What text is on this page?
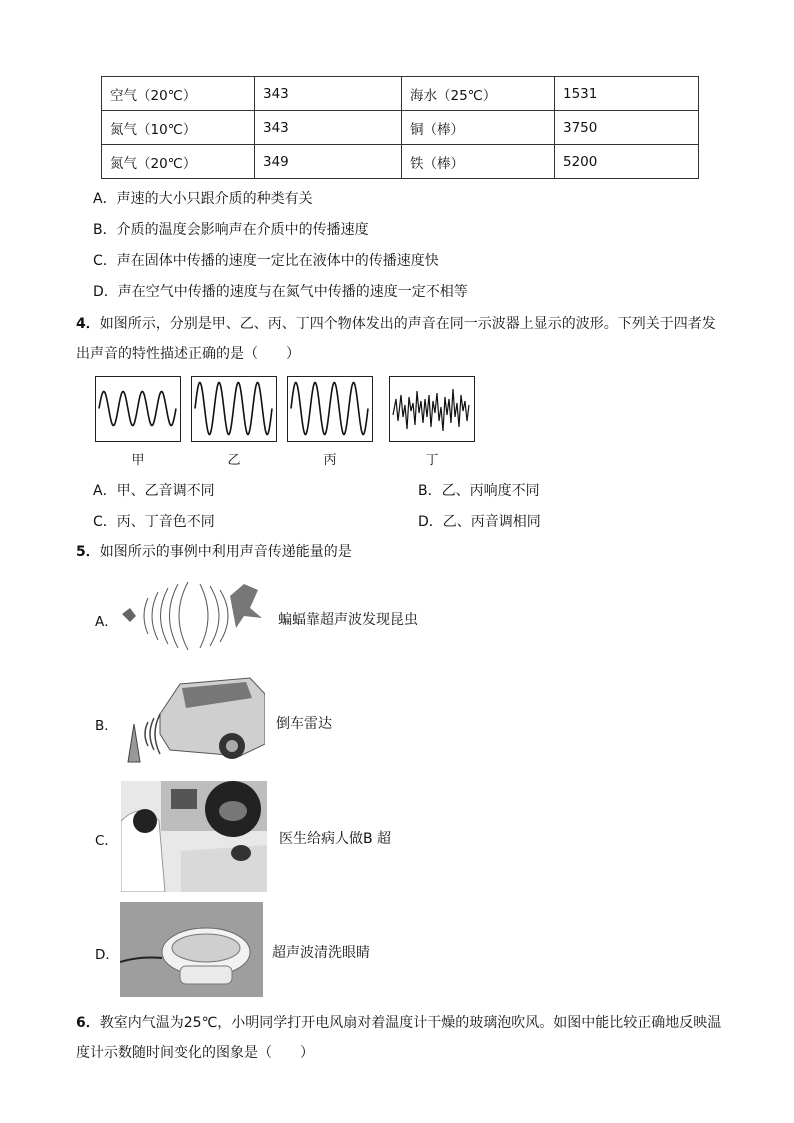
空气（20℃）	343	海水（25℃）	1531
氮气（10℃）	343	铜（棒）	3750
氮气（20℃）	349	铁（棒）	5200
A．声速的大小只跟介质的种类有关
B．介质的温度会影响声在介质中的传播速度
C．声在固体中传播的速度一定比在液体中的传播速度快
D．声在空气中传播的速度与在氮气中传播的速度一定不相等
4．如图所示，分别是甲、乙、丙、丁四个物体发出的声音在同一示波器上显示的波形。下列关于四者发
出声音的特性描述正确的是（　　）
甲	乙	丙	丁
A．甲、乙音调不同	B．乙、丙响度不同
C．丙、丁音色不同	D．乙、丙音调相同
5．如图所示的事例中利用声音传递能量的是
A．	蝙蝠靠超声波发现昆虫
B．	倒车雷达
C．	医生给病人做B 超
D．	超声波清洗眼睛
6．教室内气温为25℃，小明同学打开电风扇对着温度计干燥的玻璃泡吹风。如图中能比较正确地反映温
度计示数随时间变化的图象是（　　）
